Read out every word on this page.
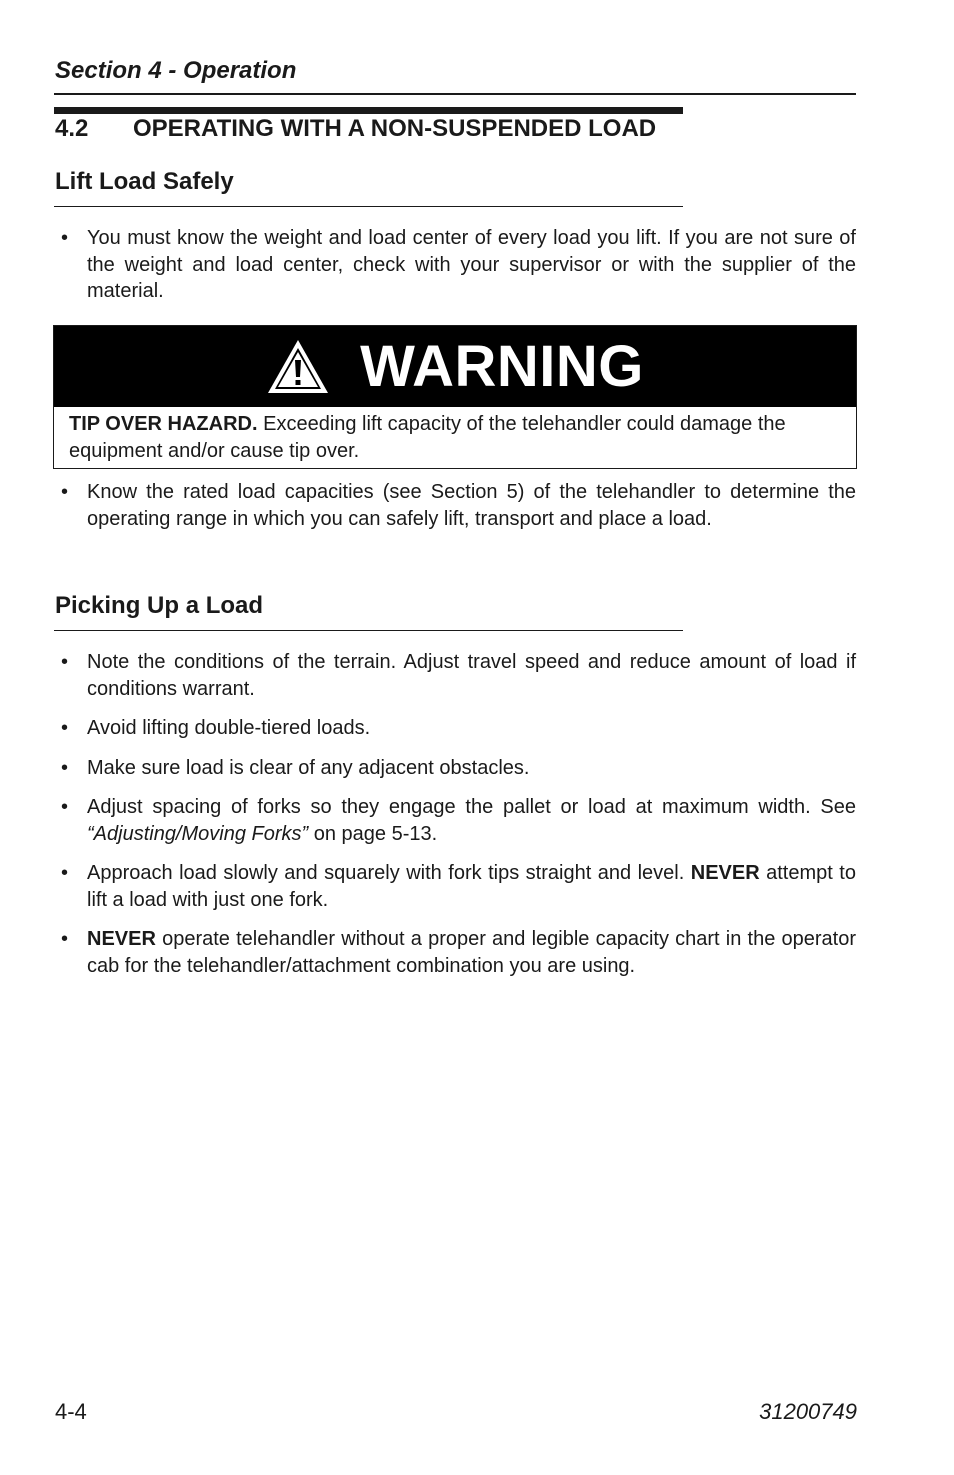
Section 4 - Operation
4.2 OPERATING WITH A NON-SUSPENDED LOAD
Lift Load Safely
• You must know the weight and load center of every load you lift. If you are not sure of the weight and load center, check with your supervisor or with the supplier of the material.
WARNING
TIP OVER HAZARD. Exceeding lift capacity of the telehandler could damage the equipment and/or cause tip over.
• Know the rated load capacities (see Section 5) of the telehandler to determine the operating range in which you can safely lift, transport and place a load.
Picking Up a Load
• Note the conditions of the terrain. Adjust travel speed and reduce amount of load if conditions warrant.
• Avoid lifting double-tiered loads.
• Make sure load is clear of any adjacent obstacles.
• Adjust spacing of forks so they engage the pallet or load at maximum width. See “Adjusting/Moving Forks” on page 5-13.
• Approach load slowly and squarely with fork tips straight and level. NEVER attempt to lift a load with just one fork.
• NEVER operate telehandler without a proper and legible capacity chart in the operator cab for the telehandler/attachment combination you are using.
4-4	31200749
